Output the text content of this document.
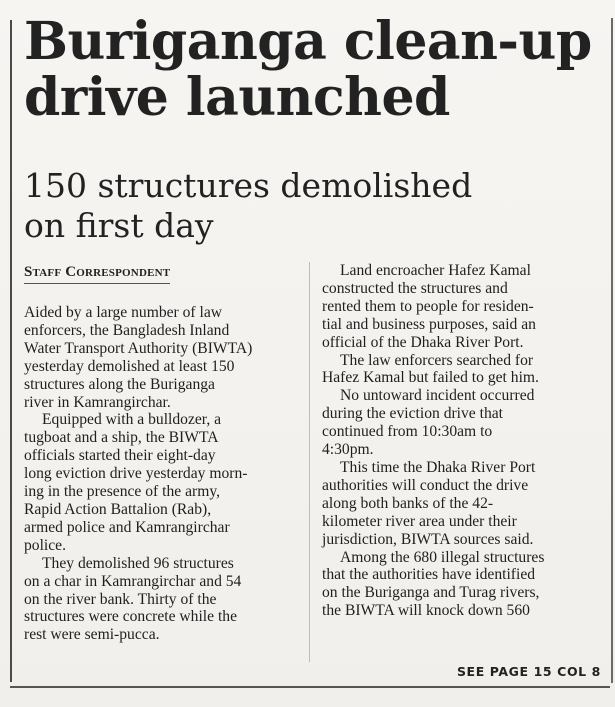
Buriganga clean-up
drive launched
150 structures demolished
on first day
Staff Correspondent

Aided by a large number of law
enforcers, the Bangladesh Inland
Water Transport Authority (BIWTA)
yesterday demolished at least 150
structures along the Buriganga
river in Kamrangirchar.

Equipped with a bulldozer, a
tugboat and a ship, the BIWTA
officials started their eight-day
long eviction drive yesterday morn-
ing in the presence of the army,
Rapid Action Battalion (Rab),
armed police and Kamrangirchar
police.

They demolished 96 structures
on a char in Kamrangirchar and 54
on the river bank. Thirty of the
structures were concrete while the
rest were semi-pucca.

Land encroacher Hafez Kamal
constructed the structures and
rented them to people for residen-
tial and business purposes, said an
official of the Dhaka River Port.

The law enforcers searched for
Hafez Kamal but failed to get him.

No untoward incident occurred
during the eviction drive that
continued from 10:30am to
4:30pm.

This time the Dhaka River Port
authorities will conduct the drive
along both banks of the 42-
kilometer river area under their
jurisdiction, BIWTA sources said.

Among the 680 illegal structures
that the authorities have identified
on the Buriganga and Turag rivers,
the BIWTA will knock down 560

SEE PAGE 15 COL 8
